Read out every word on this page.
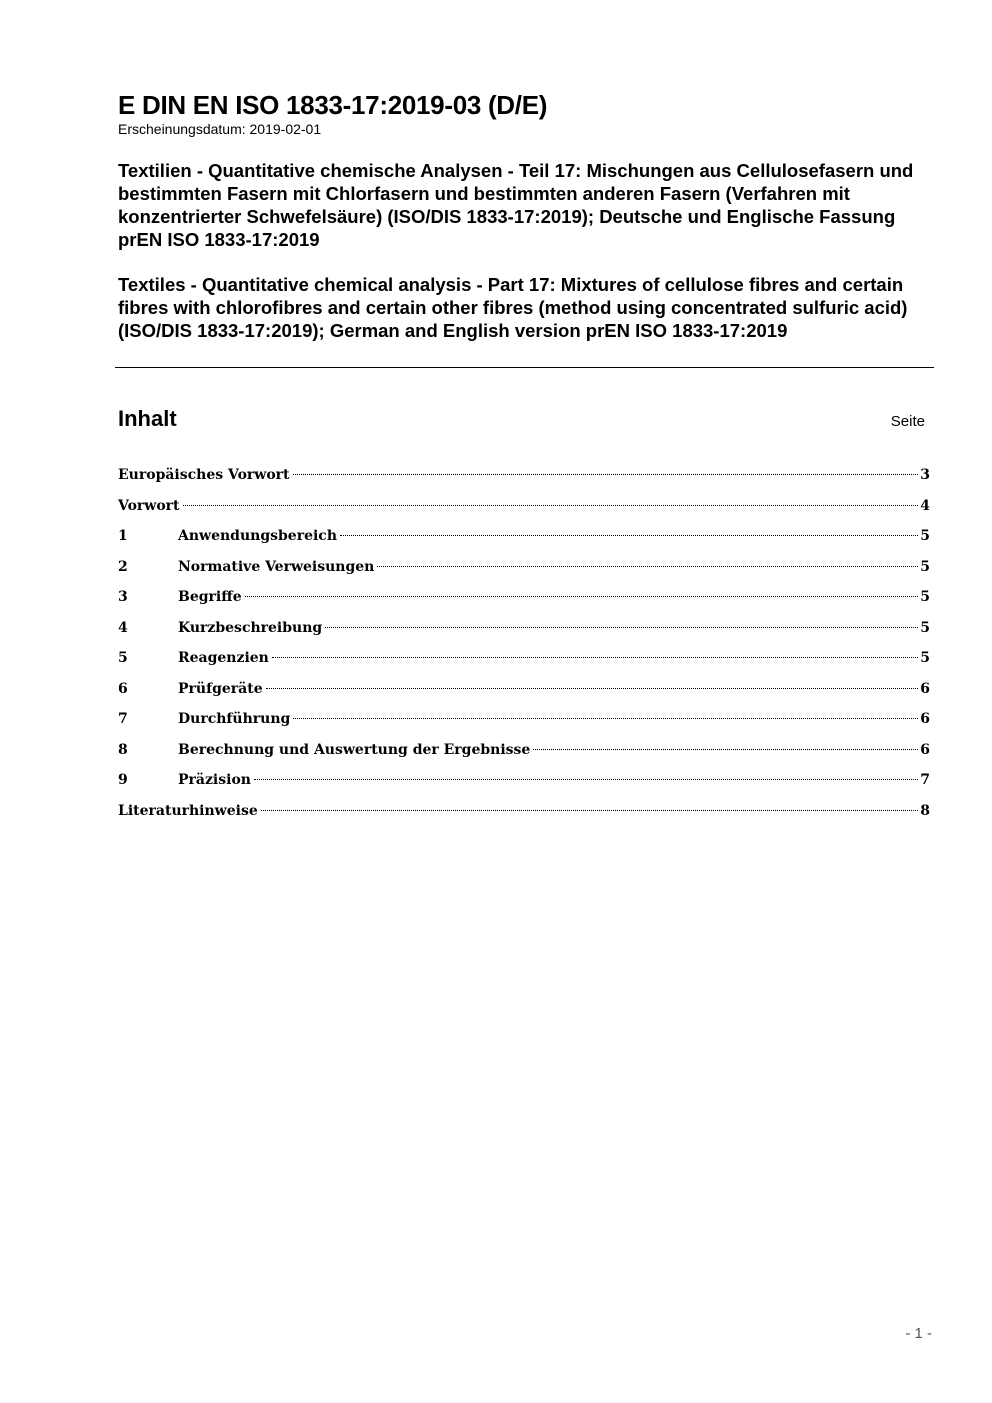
E DIN EN ISO 1833-17:2019-03 (D/E)

Erscheinungsdatum: 2019-02-01

Textilien - Quantitative chemische Analysen - Teil 17: Mischungen aus Cellulosefasern und bestimmten Fasern mit Chlorfasern und bestimmten anderen Fasern (Verfahren mit konzentrierter Schwefelsäure) (ISO/DIS 1833-17:2019); Deutsche und Englische Fassung prEN ISO 1833-17:2019

Textiles - Quantitative chemical analysis - Part 17: Mixtures of cellulose fibres and certain fibres with chlorofibres and certain other fibres (method using concentrated sulfuric acid) (ISO/DIS 1833-17:2019); German and English version prEN ISO 1833-17:2019

Inhalt	Seite
Europäisches Vorwort	3
Vorwort	4
1	Anwendungsbereich	5
2	Normative Verweisungen	5
3	Begriffe	5
4	Kurzbeschreibung	5
5	Reagenzien	5
6	Prüfgeräte	6
7	Durchführung	6
8	Berechnung und Auswertung der Ergebnisse	6
9	Präzision	7
Literaturhinweise	8
- 1 -
